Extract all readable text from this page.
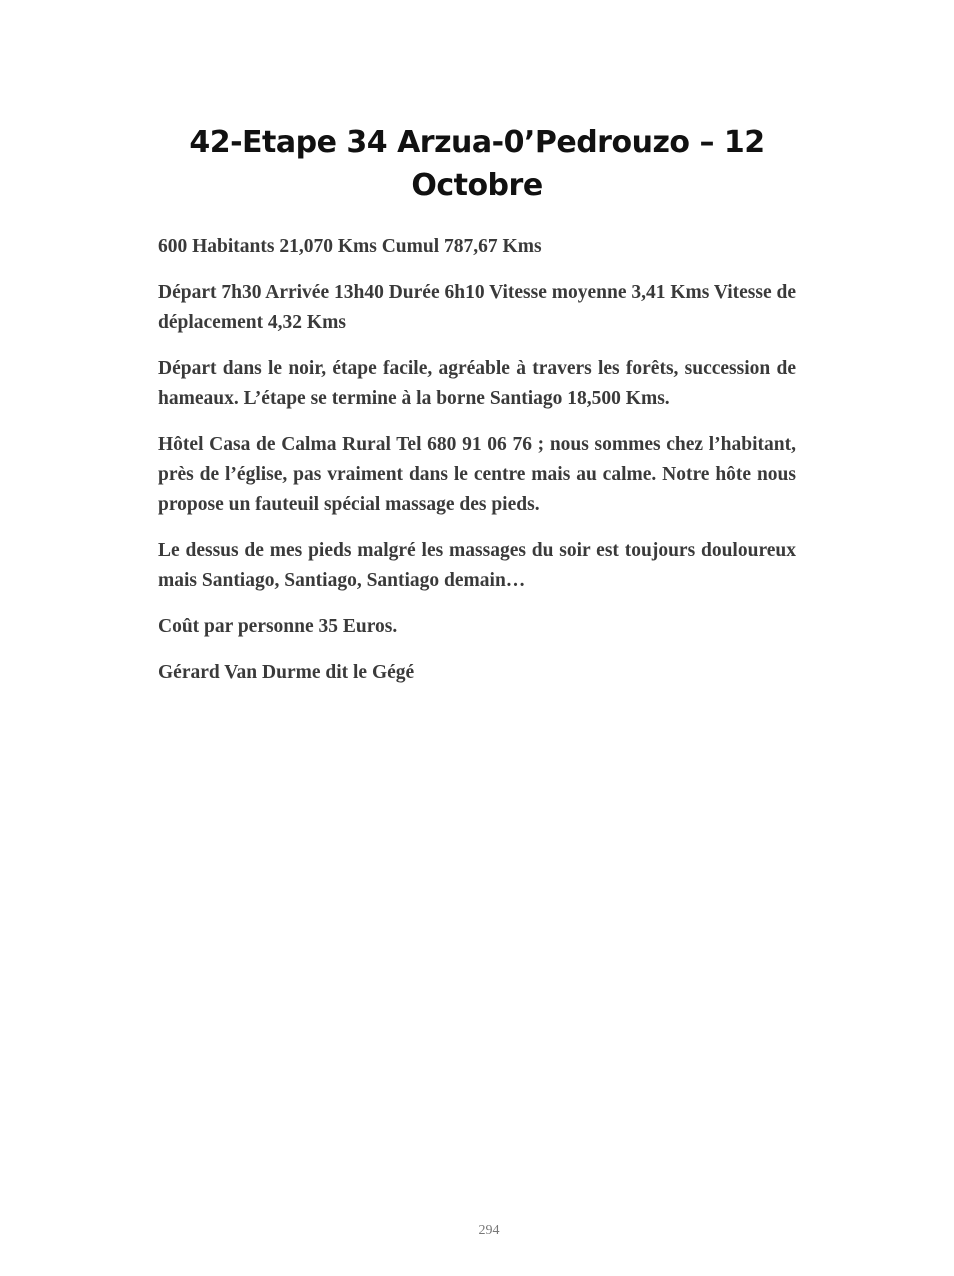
42-Etape 34 Arzua-0’Pedrouzo – 12 Octobre

600 Habitants 21,070 Kms Cumul 787,67 Kms

Départ 7h30 Arrivée 13h40 Durée 6h10 Vitesse moyenne 3,41 Kms Vitesse de déplacement 4,32 Kms

Départ dans le noir, étape facile, agréable à travers les forêts, succession de hameaux. L’étape se termine à la borne Santiago 18,500 Kms.

Hôtel Casa de Calma Rural Tel 680 91 06 76 ; nous sommes chez l’habitant, près de l’église, pas vraiment dans le centre mais au calme. Notre hôte nous propose un fauteuil spécial massage des pieds.

Le dessus de mes pieds malgré les massages du soir est toujours douloureux mais Santiago, Santiago, Santiago demain…

Coût par personne 35 Euros.

Gérard Van Durme dit le Gégé

294
